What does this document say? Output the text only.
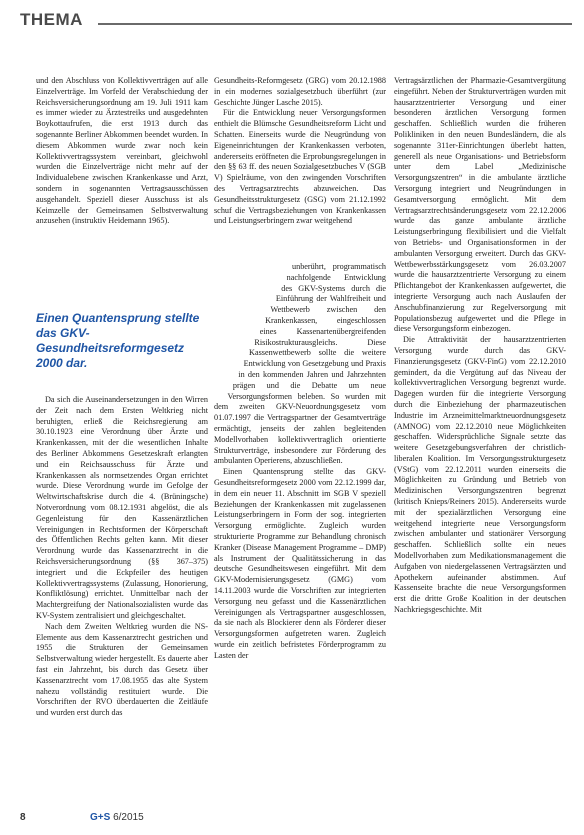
THEMA

und den Abschluss von Kollektivverträgen auf alle Einzelverträge. Im Vorfeld der Verabschiedung der Reichsversicherungsordnung am 19. Juli 1911 kam es immer wieder zu Ärztestreiks und ausgedehnten Boykottaufrufen, die erst 1913 durch das sogenannte Berliner Abkommen beendet wurden. In diesem Abkommen wurde zwar noch kein Kollektivvertragssystem vereinbart, gleichwohl wurden die Einzelverträge nicht mehr auf der Individualebene zwischen Krankenkasse und Arzt, sondern in sogenannten Vertragsausschüssen ausgehandelt. Speziell dieser Ausschuss ist als Keimzelle der Gemeinsamen Selbstverwaltung anzusehen (instruktiv Heidemann 1965).

Einen Quantensprung stellte das GKV-Gesundheitsreformgesetz 2000 dar.

Da sich die Auseinandersetzungen in den Wirren der Zeit nach dem Ersten Weltkrieg nicht beruhigten, erließ die Reichsregierung am 30.10.1923 eine Verordnung über Ärzte und Krankenkassen, mit der die wesentlichen Inhalte des Berliner Abkommens Gesetzeskraft erlangten und ein Reichsausschuss für Ärzte und Krankenkassen als normsetzendes Organ errichtet wurde. Diese Verordnung wurde im Gefolge der Weltwirtschaftskrise durch die 4. (Brüningsche) Notverordnung vom 08.12.1931 abgelöst, die als Gegenleistung für den Kassenärztlichen Vereinigungen in Rechtsformen der Körperschaft des Öffentlichen Rechts gelten kann. Mit dieser Verordnung wurde das Kassenarztrecht in die Reichsversicherungsordnung (§§ 367–375) integriert und die Eckpfeiler des heutigen Kollektivvertragssystems (Zulassung, Honorierung, Konfliktlösung) errichtet. Unmittelbar nach der Machtergreifung der Nationalsozialisten wurde das KV-System zentralisiert und gleichgeschaltet.

Nach dem Zweiten Weltkrieg wurden die NS-Elemente aus dem Kassenarztrecht gestrichen und 1955 die Strukturen der Gemeinsamen Selbstverwaltung wieder hergestellt. Es dauerte aber fast ein Jahrzehnt, bis durch das Gesetz über Kassenarztrecht vom 17.08.1955 das alte System nahezu vollständig restituiert wurde. Die Vorschriften der RVO überdauerten die Zeitläufe und wurden erst durch das

Gesundheits-Reformgesetz (GRG) vom 20.12.1988 in ein modernes sozialgesetzbuch überführt (zur Geschichte Jünger Lasche 2015).

Für die Entwicklung neuer Versorgungsformen enthielt die Blümsche Gesundheitsreform Licht und Schatten. Einerseits wurde die Neugründung von Eigeneinrichtungen der Krankenkassen verboten, andererseits eröffneten die Erprobungsregelungen in den §§ 63 ff. des neuen Sozialgesetzbuches V (SGB V) Spielräume, von den zwingenden Vorschriften des Vertragsarztrechts abzuweichen. Das Gesundheitsstrukturgesetz (GSG) vom 21.12.1992 schuf die Vertragsbeziehungen von Krankenkassen und Leistungserbringern zwar weitgehend

unberührt, programmatisch nachfolgende Entwicklung des GKV-Systems durch die Einführung der Wahlfreiheit und Wettbewerb zwischen den Krankenkassen, eingeschlossen eines Kassenartenübergreifenden Risikostrukturausgleichs. Diese Kassenwettbewerb sollte die weitere Entwicklung von Gesetzgebung und Praxis in den kommenden Jahren und Jahrzehnten prägen und die Debatte um neue Versorgungsformen beleben. So wurden mit dem zweiten GKV-Neuordnungsgesetz vom 01.07.1997 die Vertragspartner der Gesamtverträge ermächtigt, jenseits der zahlen begleitenden Modellvorhaben kollektivvertraglich orientierte Strukturverträge, insbesondere zur Förderung des ambulanten Operierens, abzuschließen.

Einen Quantensprung stellte das GKV-Gesundheitsreformgesetz 2000 vom 22.12.1999 dar, in dem ein neuer 11. Abschnitt im SGB V speziell Beziehungen der Krankenkassen mit zugelassenen Leistungserbringern in Form der sog. integrierten Versorgung ermöglichte. Zugleich wurden strukturierte Programme zur Behandlung chronisch Kranker (Disease Management Programme – DMP) als Instrument der Qualitätssicherung in das deutsche Gesundheitswesen eingeführt. Mit dem GKV-Modernisierungsgesetz (GMG) vom 14.11.2003 wurde die Vorschriften zur integrierten Versorgung neu gefasst und die Kassenärztlichen Vereinigungen als Vertragspartner ausgeschlossen, da sie nach als Blockierer denn als Förderer dieser Versorgungsformen aufgetreten waren. Zugleich wurde ein zeitlich befristetes Förderprogramm zu Lasten der

Vertragsärztlichen der Pharmazie-Gesamtvergütung eingeführt. Neben der Strukturverträgen wurden mit hausarztzentrierter Versorgung und einer besonderen ärztlichen Versorgung formen geschaffen. Schließlich wurden die früheren Polikliniken in den neuen Bundesländern, die als sogenannte 311er-Einrichtungen überlebt hatten, generell als neue Organisations- und Betriebsform unter dem Label „Medizinische Versorgungszentren“ in die ambulante ärztliche Versorgung integriert und Neugründungen in Gesamtversorgung ermöglicht. Mit dem Vertragsarztrechtsänderungsgesetz vom 22.12.2006 wurde das ganze ambulante ärztliche Leistungserbringung flexibilisiert und die Vielfalt von Betriebs- und Organisationsformen in der ambulanten Versorgung erweitert. Durch das GKV-Wettbewerbsstärkungsgesetz vom 26.03.2007 wurde die hausarztzentrierte Versorgung zu einem Pflichtangebot der Krankenkassen aufgewertet, die integrierte Versorgung auch nach Auslaufen der Anschubfinanzierung zur Regelversorgung mit Populationsbezug aufgewertet und die Pflege in diese Versorgungsform einbezogen.

Die Attraktivität der hausarztzentrierten Versorgung wurde durch das GKV-Finanzierungsgesetz (GKV-FinG) vom 22.12.2010 gemindert, da die Vergütung auf das Niveau der kollektivvertraglichen Versorgung begrenzt wurde. Dagegen wurden für die integrierte Versorgung durch die Einbeziehung der pharmazeutischen Industrie im Arzneimittelmarktneuordnungsgesetz (AMNOG) vom 22.12.2010 neue Möglichkeiten geschaffen. Widersprüchliche Signale setzte das weitere Gesetzgebungsverfahren der christlich-liberalen Koalition. Im Versorgungsstrukturgesetz (VStG) vom 22.12.2011 wurden einerseits die Möglichkeiten zu Gründung und Betrieb von Medizinischen Versorgungszentren begrenzt (kritisch Knieps/Reiners 2015). Andererseits wurde mit der spezialärztlichen Versorgung eine weitgehend integrierte neue Versorgungsform zwischen ambulanter und stationärer Versorgung geschaffen. Schließlich sollte ein neues Modellvorhaben zum Medikationsmanagement die Aufgaben von niedergelassenen Vertragsärzten und Apothekern aufeinander abstimmen. Auf Kassenseite brachte die neue Versorgungsformen erst die dritte Große Koalition in der deutschen Nachkriegsgeschichte. Mit

8	G+S 6/2015
